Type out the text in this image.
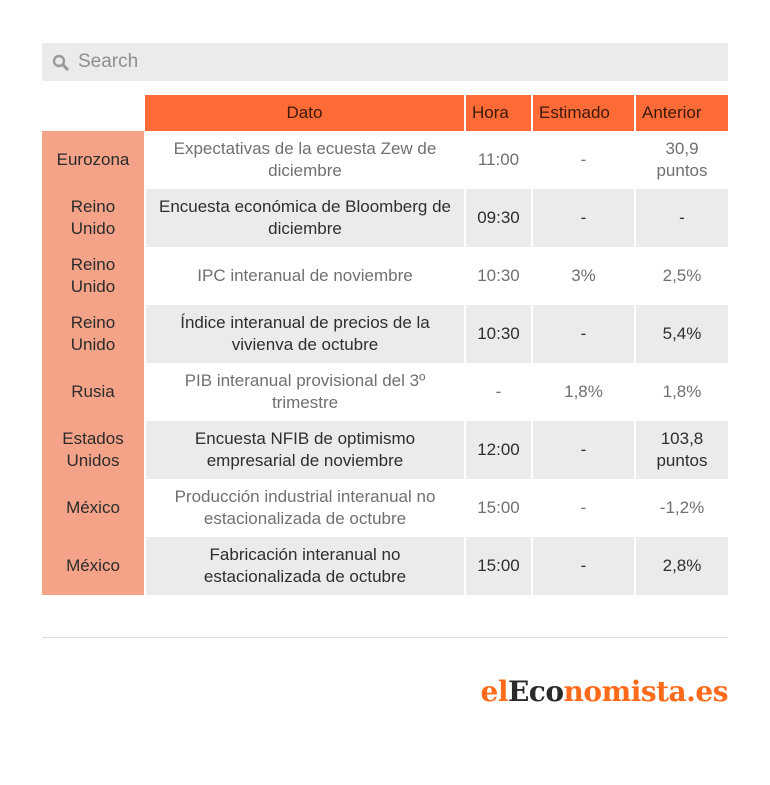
Search
	Dato	Hora	Estimado	Anterior
Eurozona	Expectativas de la ecuesta Zew de diciembre	11:00	-	30,9 puntos
Reino Unido	Encuesta económica de Bloomberg de diciembre	09:30	-	-
Reino Unido	IPC interanual de noviembre	10:30	3%	2,5%
Reino Unido	Índice interanual de precios de la vivienva de octubre	10:30	-	5,4%
Rusia	PIB interanual provisional del 3º trimestre	-	1,8%	1,8%
Estados Unidos	Encuesta NFIB de optimismo empresarial de noviembre	12:00	-	103,8 puntos
México	Producción industrial interanual no estacionalizada de octubre	15:00	-	-1,2%
México	Fabricación interanual no estacionalizada de octubre	15:00	-	2,8%
elEconomista.es
